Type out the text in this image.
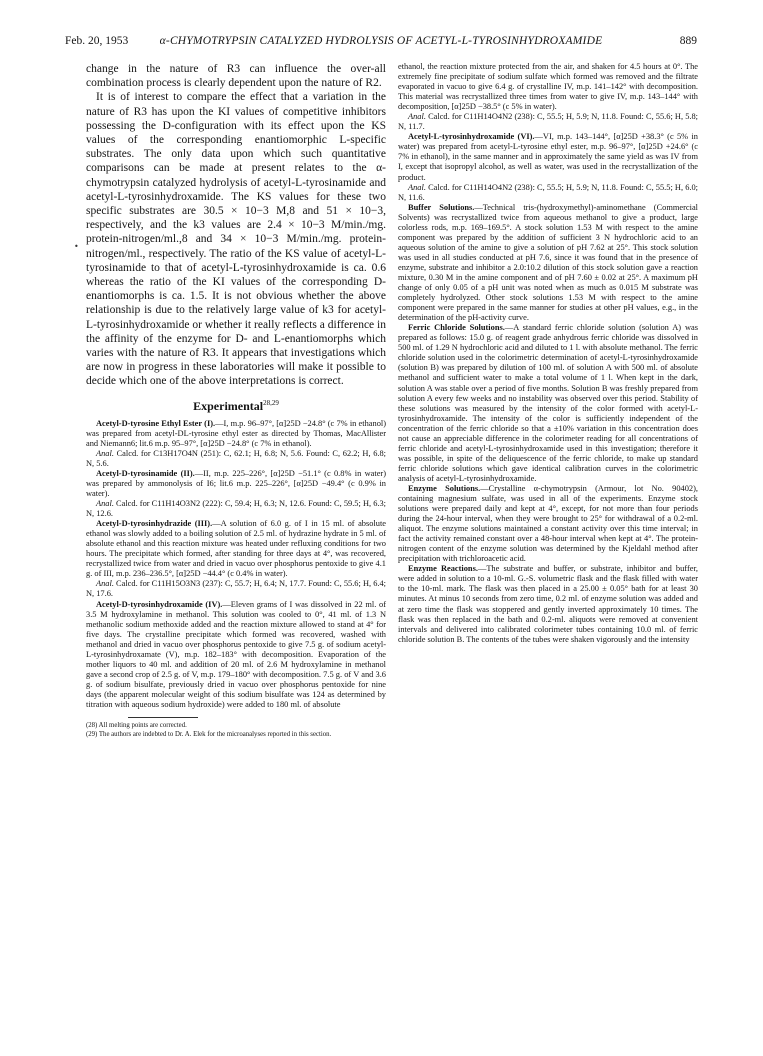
Feb. 20, 1953	α-CHYMOTRYPSIN CATALYZED HYDROLYSIS OF ACETYL-L-TYROSINHYDROXAMIDE	889
•

change in the nature of R3 can influence the over-all combination process is clearly dependent upon the nature of R2.

It is of interest to compare the effect that a variation in the nature of R3 has upon the KI values of competitive inhibitors possessing the D-configuration with its effect upon the KS values of the corresponding enantiomorphic L-specific substrates. The only data upon which such quantitative comparisons can be made at present relates to the α-chymotrypsin catalyzed hydrolysis of acetyl-L-tyrosinamide and acetyl-L-tyrosinhydroxamide. The KS values for these two specific substrates are 30.5 × 10−3 M,8 and 51 × 10−3, respectively, and the k3 values are 2.4 × 10−3 M/min./mg. protein-nitrogen/ml.,8 and 34 × 10−3 M/min./mg. protein-nitrogen/ml., respectively. The ratio of the KS value of acetyl-L-tyrosinamide to that of acetyl-L-tyrosinhydroxamide is ca. 0.6 whereas the ratio of the KI values of the corresponding D-enantiomorphs is ca. 1.5. It is not obvious whether the above relationship is due to the relatively large value of k3 for acetyl-L-tyrosinhydroxamide or whether it really reflects a difference in the affinity of the enzyme for D- and L-enantiomorphs which varies with the nature of R3. It appears that investigations which are now in progress in these laboratories will make it possible to decide which one of the above interpretations is correct.

Experimental$^{28,29}$

Acetyl-D-tyrosine Ethyl Ester (I).—I, m.p. 96–97°, [α]25D −24.8° (c 7% in ethanol) was prepared from acetyl-DL-tyrosine ethyl ester as directed by Thomas, MacAllister and Niemann6; lit.6 m.p. 95–97°, [α]25D −24.8° (c 7% in ethanol).

Anal. Calcd. for C13H17O4N (251): C, 62.1; H, 6.8; N, 5.6. Found: C, 62.2; H, 6.8; N, 5.6.

Acetyl-D-tyrosinamide (II).—II, m.p. 225–226°, [α]25D −51.1° (c 0.8% in water) was prepared by ammonolysis of I6; lit.6 m.p. 225–226°, [α]25D −49.4° (c 0.9% in water).

Anal. Calcd. for C11H14O3N2 (222): C, 59.4; H, 6.3; N, 12.6. Found: C, 59.5; H, 6.3; N, 12.6.

Acetyl-D-tyrosinhydrazide (III).—A solution of 6.0 g. of I in 15 ml. of absolute ethanol was slowly added to a boiling solution of 2.5 ml. of hydrazine hydrate in 5 ml. of absolute ethanol and this reaction mixture was heated under refluxing conditions for two hours. The precipitate which formed, after standing for three days at 4°, was recovered, recrystallized twice from water and dried in vacuo over phosphorus pentoxide to give 4.1 g. of III, m.p. 236–236.5°, [α]25D −44.4° (c 0.4% in water).

Anal. Calcd. for C11H15O3N3 (237): C, 55.7; H, 6.4; N, 17.7. Found: C, 55.6; H, 6.4; N, 17.6.

Acetyl-D-tyrosinhydroxamide (IV).—Eleven grams of I was dissolved in 22 ml. of 3.5 M hydroxylamine in methanol. This solution was cooled to 0°, 41 ml. of 1.3 N methanolic sodium methoxide added and the reaction mixture allowed to stand at 4° for five days. The crystalline precipitate which formed was recovered, washed with methanol and dried in vacuo over phosphorus pentoxide to give 7.5 g. of sodium acetyl-L-tyrosinhydroxamate (V), m.p. 182–183° with decomposition. Evaporation of the mother liquors to 40 ml. and addition of 20 ml. of 2.6 M hydroxylamine in methanol gave a second crop of 2.5 g. of V, m.p. 179–180° with decomposition. 7.5 g. of V and 3.6 g. of sodium bisulfate, previously dried in vacuo over phosphorus pentoxide for nine days (the apparent molecular weight of this sodium bisulfate was 124 as determined by titration with aqueous sodium hydroxide) were added to 180 ml. of absolute

(28) All melting points are corrected.

(29) The authors are indebted to Dr. A. Elek for the microanalyses reported in this section.

ethanol, the reaction mixture protected from the air, and shaken for 4.5 hours at 0°. The extremely fine precipitate of sodium sulfate which formed was removed and the filtrate evaporated in vacuo to give 6.4 g. of crystalline IV, m.p. 141–142° with decomposition. This material was recrystallized three times from water to give IV, m.p. 143–144° with decomposition, [α]25D −38.5° (c 5% in water).

Anal. Calcd. for C11H14O4N2 (238): C, 55.5; H, 5.9; N, 11.8. Found: C, 55.6; H, 5.8; N, 11.7.

Acetyl-L-tyrosinhydroxamide (VI).—VI, m.p. 143–144°, [α]25D +38.3° (c 5% in water) was prepared from acetyl-L-tyrosine ethyl ester, m.p. 96–97°, [α]25D +24.6° (c 7% in ethanol), in the same manner and in approximately the same yield as was IV from I, except that isopropyl alcohol, as well as water, was used in the recrystallization of the product.

Anal. Calcd. for C11H14O4N2 (238): C, 55.5; H, 5.9; N, 11.8. Found: C, 55.5; H, 6.0; N, 11.6.

Buffer Solutions.—Technical tris-(hydroxymethyl)-aminomethane (Commercial Solvents) was recrystallized twice from aqueous methanol to give a product, large colorless rods, m.p. 169–169.5°. A stock solution 1.53 M with respect to the amine component was prepared by the addition of sufficient 3 N hydrochloric acid to an aqueous solution of the amine to give a solution of pH 7.62 at 25°. This stock solution was used in all studies conducted at pH 7.6, since it was found that in the presence of enzyme, substrate and inhibitor a 2.0:10.2 dilution of this stock solution gave a reaction mixture, 0.30 M in the amine component and of pH 7.60 ± 0.02 at 25°. A maximum pH change of only 0.05 of a pH unit was noted when as much as 0.015 M substrate was completely hydrolyzed. Other stock solutions 1.53 M with respect to the amine component were prepared in the same manner for studies at other pH values, e.g., in the determination of the pH-activity curve.

Ferric Chloride Solutions.—A standard ferric chloride solution (solution A) was prepared as follows: 15.0 g. of reagent grade anhydrous ferric chloride was dissolved in 500 ml. of 1.29 N hydrochloric acid and diluted to 1 l. with absolute methanol. The ferric chloride solution used in the colorimetric determination of acetyl-L-tyrosinhydroxamide (solution B) was prepared by dilution of 100 ml. of solution A with 500 ml. of absolute methanol and sufficient water to make a total volume of 1 l. When kept in the dark, solution A was stable over a period of five months. Solution B was freshly prepared from solution A every few weeks and no instability was observed over this period. Stability of these solutions was measured by the intensity of the color formed with acetyl-L-tyrosinhydroxamide. The intensity of the color is sufficiently independent of the concentration of the ferric chloride so that a ±10% variation in this concentration does not cause an appreciable difference in the colorimeter reading for all concentrations of ferric chloride and acetyl-L-tyrosinhydroxamide used in this investigation; therefore it was possible, in spite of the deliquescence of the ferric chloride, to make up standard ferric chloride solutions which gave identical calibration curves in the colorimetric analysis of acetyl-L-tyrosinhydroxamide.

Enzyme Solutions.—Crystalline α-chymotrypsin (Armour, lot No. 90402), containing magnesium sulfate, was used in all of the experiments. Enzyme stock solutions were prepared daily and kept at 4°, except, for not more than four periods during the 24-hour interval, when they were brought to 25° for withdrawal of a 0.2-ml. aliquot. The enzyme solutions maintained a constant activity over this time interval; in fact the activity remained constant over a 48-hour interval when kept at 4°. The protein-nitrogen content of the enzyme solution was determined by the Kjeldahl method after precipitation with trichloroacetic acid.

Enzyme Reactions.—The substrate and buffer, or substrate, inhibitor and buffer, were added in solution to a 10-ml. G.-S. volumetric flask and the flask filled with water to the 10-ml. mark. The flask was then placed in a 25.00 ± 0.05° bath for at least 30 minutes. At minus 10 seconds from zero time, 0.2 ml. of enzyme solution was added and at zero time the flask was stoppered and gently inverted approximately 10 times. The flask was then replaced in the bath and 0.2-ml. aliquots were removed at convenient intervals and delivered into calibrated colorimeter tubes containing 10.0 ml. of ferric chloride solution B. The contents of the tubes were shaken vigorously and the intensity
